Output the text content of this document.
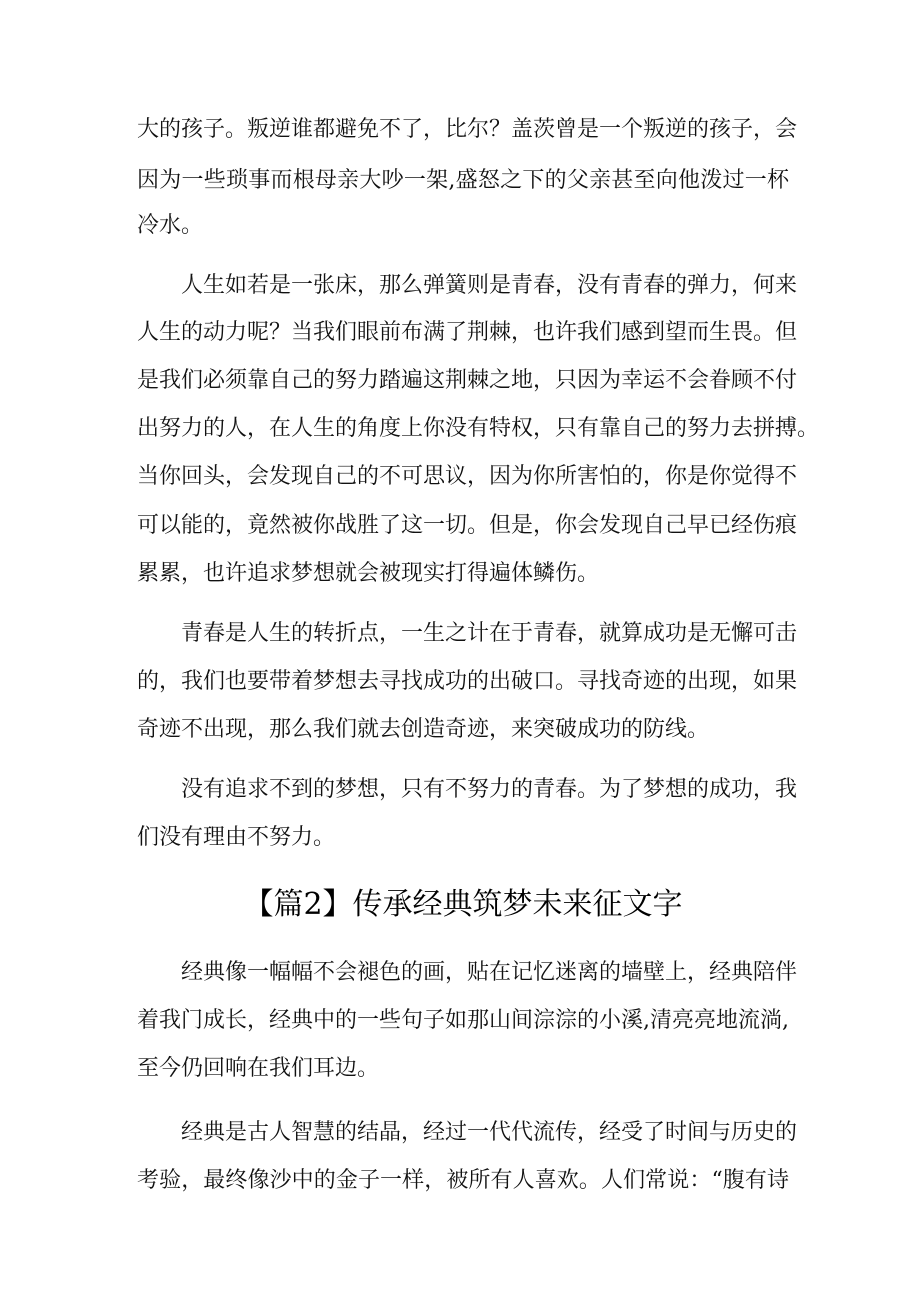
大的孩子。叛逆谁都避免不了，比尔？盖茨曾是一个叛逆的孩子，会
因为一些琐事而根母亲大吵一架,盛怒之下的父亲甚至向他泼过一杯
冷水。
人生如若是一张床，那么弹簧则是青春，没有青春的弹力，何来
人生的动力呢？当我们眼前布满了荆棘，也许我们感到望而生畏。但
是我们必须靠自己的努力踏遍这荆棘之地，只因为幸运不会眷顾不付
出努力的人，在人生的角度上你没有特权，只有靠自己的努力去拼搏。
当你回头，会发现自己的不可思议，因为你所害怕的，你是你觉得不
可以能的，竟然被你战胜了这一切。但是，你会发现自己早已经伤痕
累累，也许追求梦想就会被现实打得遍体鳞伤。
青春是人生的转折点，一生之计在于青春，就算成功是无懈可击
的，我们也要带着梦想去寻找成功的出破口。寻找奇迹的出现，如果
奇迹不出现，那么我们就去创造奇迹，来突破成功的防线。
没有追求不到的梦想，只有不努力的青春。为了梦想的成功，我
们没有理由不努力。
【篇2】传承经典筑梦未来征文字
经典像一幅幅不会褪色的画，贴在记忆迷离的墙壁上，经典陪伴
着我门成长，经典中的一些句子如那山间淙淙的小溪,清亮亮地流淌,
至今仍回响在我们耳边。
经典是古人智慧的结晶，经过一代代流传，经受了时间与历史的
考验，最终像沙中的金子一样，被所有人喜欢。人们常说：“腹有诗
